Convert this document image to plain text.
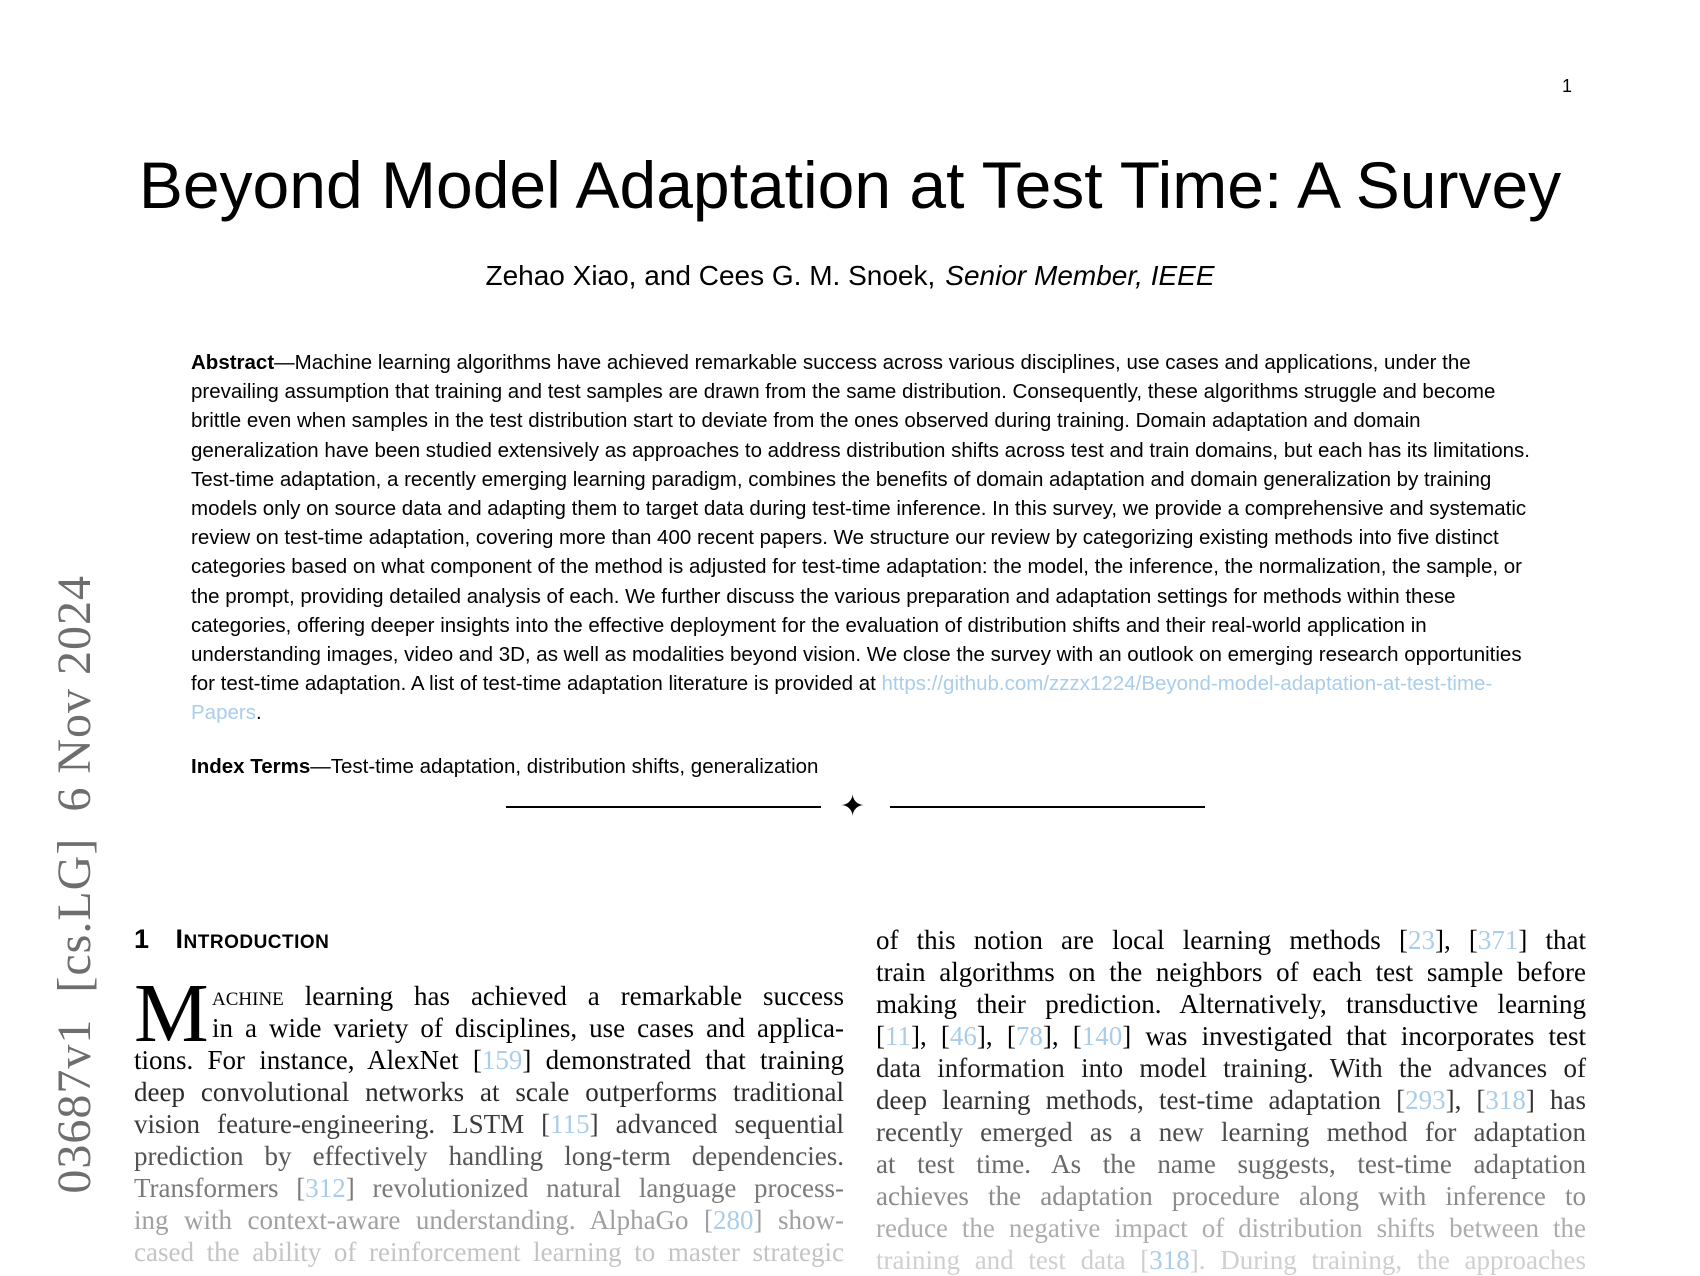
1
Beyond Model Adaptation at Test Time: A Survey
Zehao Xiao, and Cees G. M. Snoek, Senior Member, IEEE

Abstract—Machine learning algorithms have achieved remarkable success across various disciplines, use cases and applications, under the prevailing assumption that training and test samples are drawn from the same distribution. Consequently, these algorithms struggle and become brittle even when samples in the test distribution start to deviate from the ones observed during training. Domain adaptation and domain generalization have been studied extensively as approaches to address distribution shifts across test and train domains, but each has its limitations. Test-time adaptation, a recently emerging learning paradigm, combines the benefits of domain adaptation and domain generalization by training models only on source data and adapting them to target data during test-time inference. In this survey, we provide a comprehensive and systematic review on test-time adaptation, covering more than 400 recent papers. We structure our review by categorizing existing methods into five distinct categories based on what component of the method is adjusted for test-time adaptation: the model, the inference, the normalization, the sample, or the prompt, providing detailed analysis of each. We further discuss the various preparation and adaptation settings for methods within these categories, offering deeper insights into the effective deployment for the evaluation of distribution shifts and their real-world application in understanding images, video and 3D, as well as modalities beyond vision. We close the survey with an outlook on emerging research opportunities for test-time adaptation. A list of test-time adaptation literature is provided at https://github.com/zzzx1224/Beyond-model-adaptation-at-test-time-Papers.

Index Terms—Test-time adaptation, distribution shifts, generalization
✦
03687v1
[cs.LG]
6 Nov 2024
1 Introduction
M achine learning has achieved a remarkable success
in a wide variety of disciplines, use cases and applica-
tions. For instance, AlexNet [159] demonstrated that training
deep convolutional networks at scale outperforms traditional
vision feature-engineering. LSTM [115] advanced sequential
prediction by effectively handling long-term dependencies.
Transformers [312] revolutionized natural language process-
ing with context-aware understanding. AlphaGo [280] show-
cased the ability of reinforcement learning to master strategic
of this notion are local learning methods [23], [371] that
train algorithms on the neighbors of each test sample before
making their prediction. Alternatively, transductive learning
[11], [46], [78], [140] was investigated that incorporates test
data information into model training. With the advances of
deep learning methods, test-time adaptation [293], [318] has
recently emerged as a new learning method for adaptation
at test time. As the name suggests, test-time adaptation
achieves the adaptation procedure along with inference to
reduce the negative impact of distribution shifts between the
training and test data [318]. During training, the approaches
